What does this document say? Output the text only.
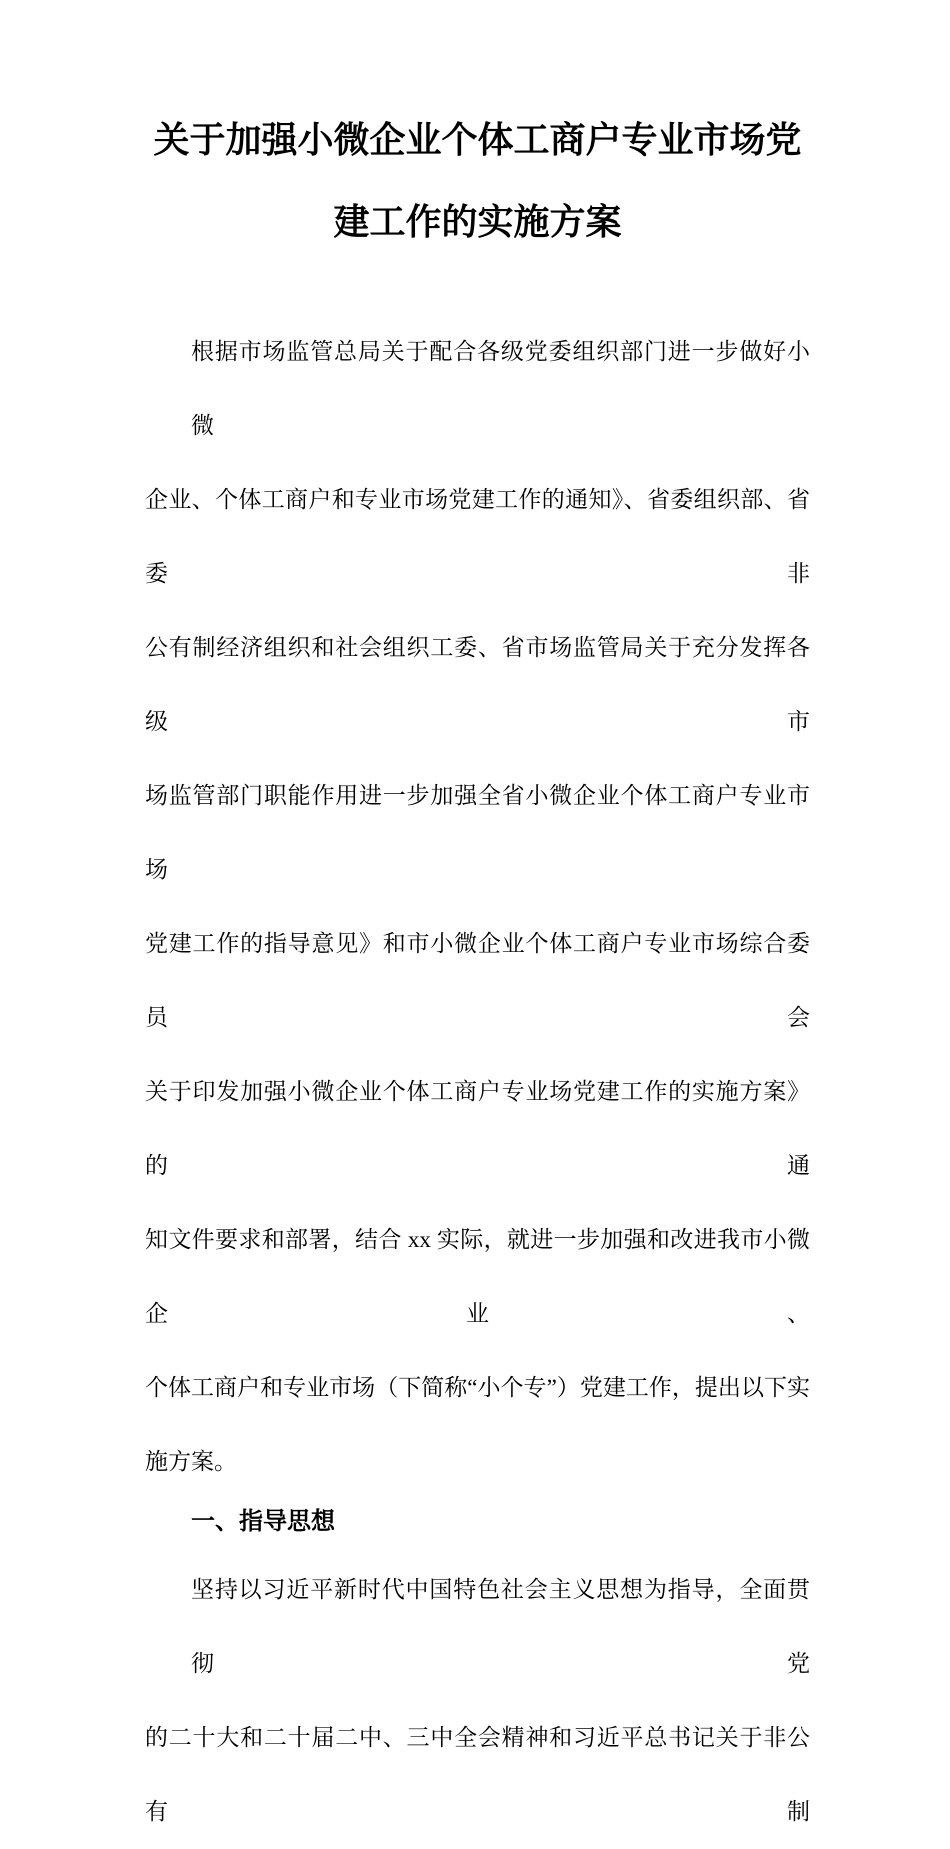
关于加强小微企业个体工商户专业市场党
建工作的实施方案
根据市场监管总局关于配合各级党委组织部门进一步做好小微
企业、个体工商户和专业市场党建工作的通知》、省委组织部、省委非
公有制经济组织和社会组织工委、省市场监管局关于充分发挥各级市
场监管部门职能作用进一步加强全省小微企业个体工商户专业市场
党建工作的指导意见》和市小微企业个体工商户专业市场综合委员会
关于印发加强小微企业个体工商户专业场党建工作的实施方案》的通
知文件要求和部署，结合 xx 实际，就进一步加强和改进我市小微企业、
个体工商户和专业市场（下简称“小个专”）党建工作，提出以下实
施方案。
一、指导思想
坚持以习近平新时代中国特色社会主义思想为指导，全面贯彻党
的二十大和二十届二中、三中全会精神和习近平总书记关于非公有制
